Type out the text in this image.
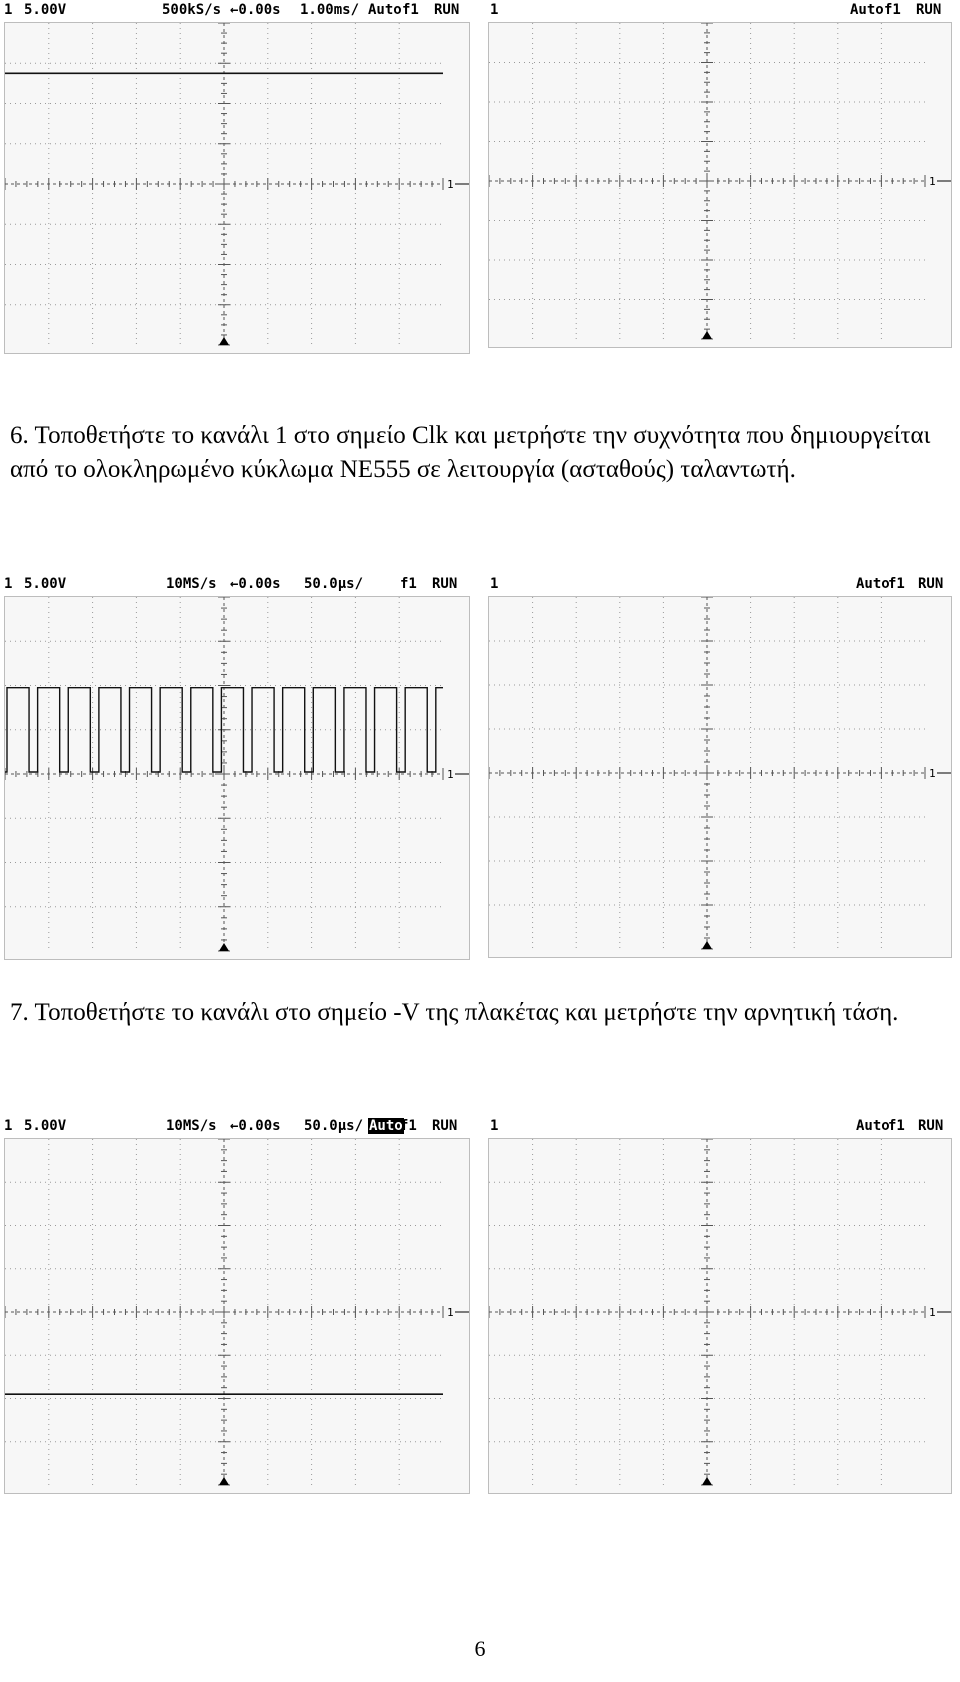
1 5.00V	500kS/s ←0.00s 1.00ms/ Auto f1 RUN
1
1	Auto f1 RUN
1

6. Τοποθετήστε το κανάλι 1 στο σημείο Clk και μετρήστε την συχνότητα που δημιουργείται από το ολοκληρωμένο κύκλωμα NE555 σε λειτουργία (ασταθούς) ταλαντωτή.

1 5.00V	10MS/s ←0.00s 50.0µs/	f1 RUN
1
1	Auto
f1 RUN
1

7. Τοποθετήστε το κανάλι στο σημείο -V της πλακέτας και μετρήστε την αρνητική τάση.

1 5.00V	10MS/s ←0.00s 50.0µs/ Auto
f1 RUN
1
1	Auto
f1 RUN
1
6
